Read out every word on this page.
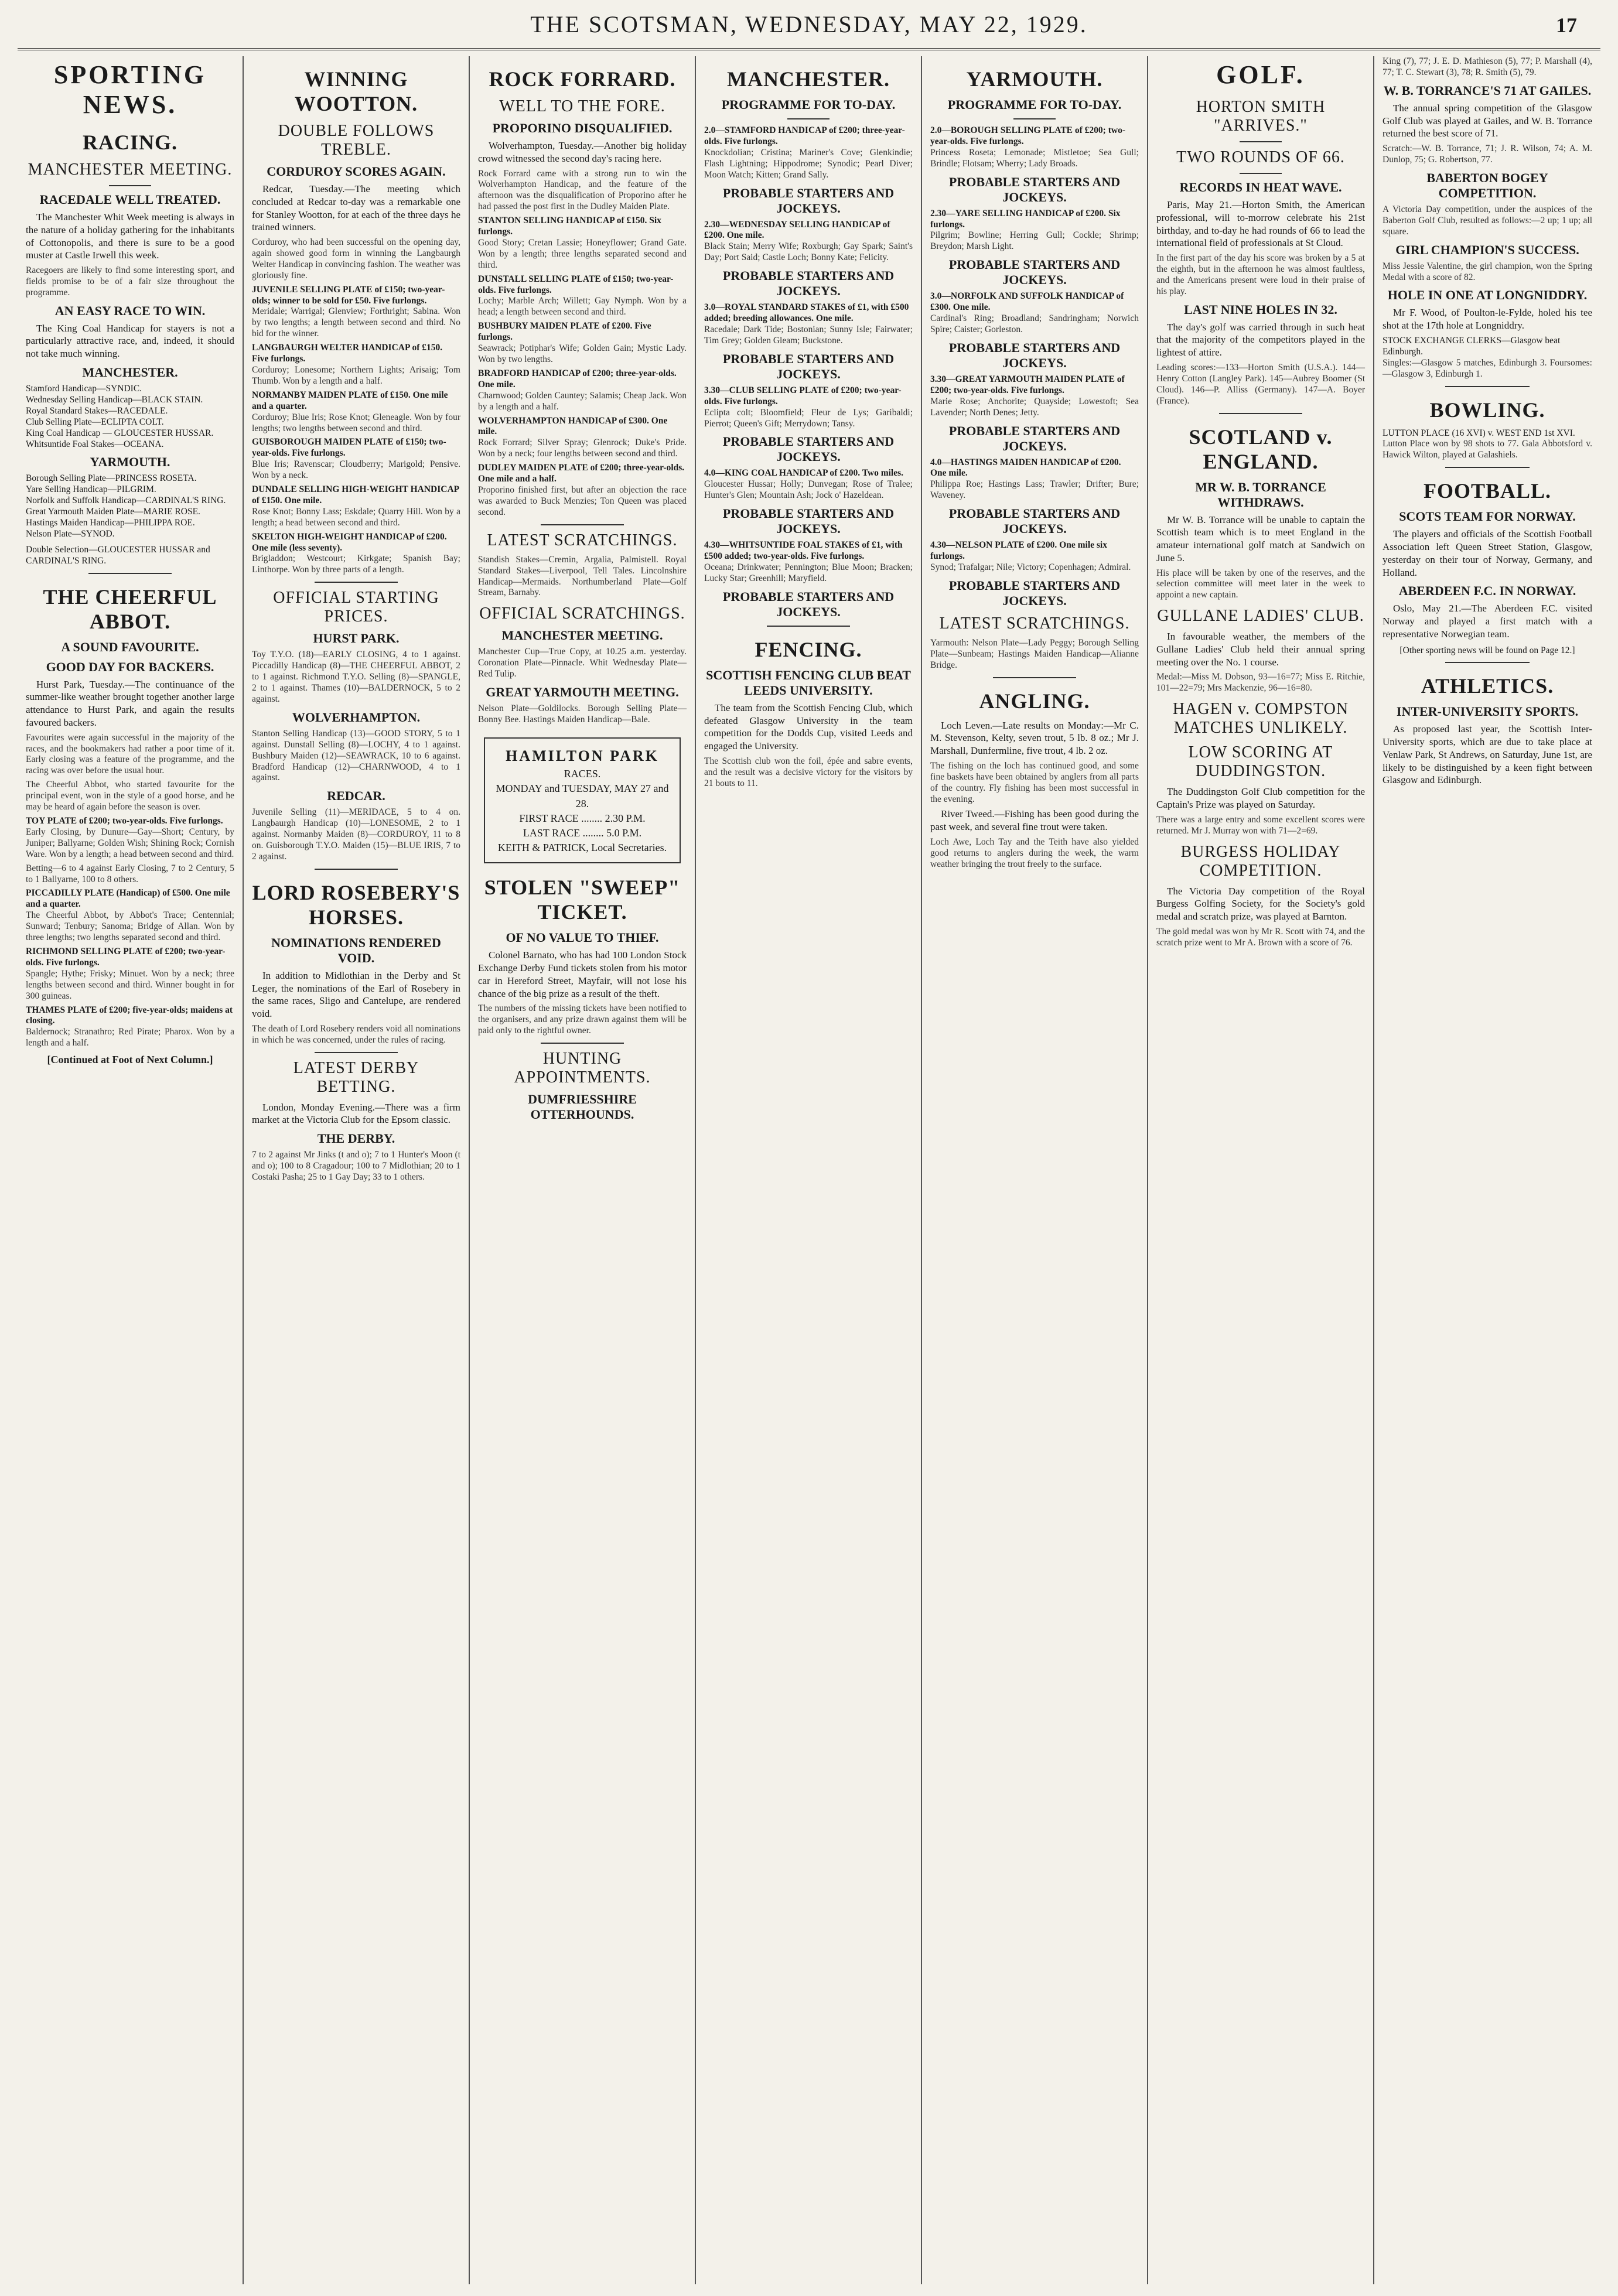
THE SCOTSMAN, WEDNESDAY, MAY 22, 1929.	17
SPORTING NEWS.
RACING.
MANCHESTER MEETING.
RACEDALE WELL TREATED.

The Manchester Whit Week meeting is always in the nature of a holiday gathering for the inhabitants of Cottonopolis, and there is sure to be a good muster at Castle Irwell this week.

Racegoers are likely to find some interesting sport, and fields promise to be of a fair size throughout the programme.

AN EASY RACE TO WIN.

The King Coal Handicap for stayers is not a particularly attractive race, and, indeed, it should not take much winning.

MANCHESTER.

Stamford Handicap—SYNDIC.

Wednesday Selling Handicap—BLACK STAIN.

Royal Standard Stakes—RACEDALE.

Club Selling Plate—ECLIPTA COLT.

King Coal Handicap — GLOUCESTER HUSSAR.

Whitsuntide Foal Stakes—OCEANA.

YARMOUTH.

Borough Selling Plate—PRINCESS ROSETA.

Yare Selling Handicap—PILGRIM.

Norfolk and Suffolk Handicap—CARDINAL'S RING.

Great Yarmouth Maiden Plate—MARIE ROSE.

Hastings Maiden Handicap—PHILIPPA ROE.

Nelson Plate—SYNOD.

Double Selection—GLOUCESTER HUSSAR and CARDINAL'S RING.

THE CHEERFUL ABBOT.
A SOUND FAVOURITE.
GOOD DAY FOR BACKERS.

Hurst Park, Tuesday.—The continuance of the summer-like weather brought together another large attendance to Hurst Park, and again the results favoured backers.

Favourites were again successful in the majority of the races, and the bookmakers had rather a poor time of it. Early closing was a feature of the programme, and the racing was over before the usual hour.

The Cheerful Abbot, who started favourite for the principal event, won in the style of a good horse, and he may be heard of again before the season is over.

TOY PLATE of £200; two-year-olds. Five furlongs.

Early Closing, by Dunure—Gay—Short; Century, by Juniper; Ballyarne; Golden Wish; Shining Rock; Cornish Ware. Won by a length; a head between second and third.

Betting—6 to 4 against Early Closing, 7 to 2 Century, 5 to 1 Ballyarne, 100 to 8 others.

PICCADILLY PLATE (Handicap) of £500. One mile and a quarter.

The Cheerful Abbot, by Abbot's Trace; Centennial; Sunward; Tenbury; Sanoma; Bridge of Allan. Won by three lengths; two lengths separated second and third.

RICHMOND SELLING PLATE of £200; two-year-olds. Five furlongs.

Spangle; Hythe; Frisky; Minuet. Won by a neck; three lengths between second and third. Winner bought in for 300 guineas.

THAMES PLATE of £200; five-year-olds; maidens at closing.

Baldernock; Stranathro; Red Pirate; Pharox. Won by a length and a half.

[Continued at Foot of Next Column.]
WINNING WOOTTON.
DOUBLE FOLLOWS TREBLE.
CORDUROY SCORES AGAIN.

Redcar, Tuesday.—The meeting which concluded at Redcar to-day was a remarkable one for Stanley Wootton, for at each of the three days he trained winners.

Corduroy, who had been successful on the opening day, again showed good form in winning the Langbaurgh Welter Handicap in convincing fashion. The weather was gloriously fine.

JUVENILE SELLING PLATE of £150; two-year-olds; winner to be sold for £50. Five furlongs.

Meridale; Warrigal; Glenview; Forthright; Sabina. Won by two lengths; a length between second and third. No bid for the winner.

LANGBAURGH WELTER HANDICAP of £150. Five furlongs.

Corduroy; Lonesome; Northern Lights; Arisaig; Tom Thumb. Won by a length and a half.

NORMANBY MAIDEN PLATE of £150. One mile and a quarter.

Corduroy; Blue Iris; Rose Knot; Gleneagle. Won by four lengths; two lengths between second and third.

GUISBOROUGH MAIDEN PLATE of £150; two-year-olds. Five furlongs.

Blue Iris; Ravenscar; Cloudberry; Marigold; Pensive. Won by a neck.

DUNDALE SELLING HIGH-WEIGHT HANDICAP of £150. One mile.

Rose Knot; Bonny Lass; Eskdale; Quarry Hill. Won by a length; a head between second and third.

SKELTON HIGH-WEIGHT HANDICAP of £200. One mile (less seventy).

Brigladdon; Westcourt; Kirkgate; Spanish Bay; Linthorpe. Won by three parts of a length.

OFFICIAL STARTING PRICES.
HURST PARK.

Toy T.Y.O. (18)—EARLY CLOSING, 4 to 1 against. Piccadilly Handicap (8)—THE CHEERFUL ABBOT, 2 to 1 against. Richmond T.Y.O. Selling (8)—SPANGLE, 2 to 1 against. Thames (10)—BALDERNOCK, 5 to 2 against.

WOLVERHAMPTON.

Stanton Selling Handicap (13)—GOOD STORY, 5 to 1 against. Dunstall Selling (8)—LOCHY, 4 to 1 against. Bushbury Maiden (12)—SEAWRACK, 10 to 6 against. Bradford Handicap (12)—CHARNWOOD, 4 to 1 against.

REDCAR.

Juvenile Selling (11)—MERIDACE, 5 to 4 on. Langbaurgh Handicap (10)—LONESOME, 2 to 1 against. Normanby Maiden (8)—CORDUROY, 11 to 8 on. Guisborough T.Y.O. Maiden (15)—BLUE IRIS, 7 to 2 against.

LORD ROSEBERY'S HORSES.
NOMINATIONS RENDERED VOID.

In addition to Midlothian in the Derby and St Leger, the nominations of the Earl of Rosebery in the same races, Sligo and Cantelupe, are rendered void.

The death of Lord Rosebery renders void all nominations in which he was concerned, under the rules of racing.

LATEST DERBY BETTING.

London, Monday Evening.—There was a firm market at the Victoria Club for the Epsom classic.

THE DERBY.

7 to 2 against Mr Jinks (t and o); 7 to 1 Hunter's Moon (t and o); 100 to 8 Cragadour; 100 to 7 Midlothian; 20 to 1 Costaki Pasha; 25 to 1 Gay Day; 33 to 1 others.

ROCK FORRARD.
WELL TO THE FORE.
PROPORINO DISQUALIFIED.

Wolverhampton, Tuesday.—Another big holiday crowd witnessed the second day's racing here.

Rock Forrard came with a strong run to win the Wolverhampton Handicap, and the feature of the afternoon was the disqualification of Proporino after he had passed the post first in the Dudley Maiden Plate.

STANTON SELLING HANDICAP of £150. Six furlongs.

Good Story; Cretan Lassie; Honeyflower; Grand Gate. Won by a length; three lengths separated second and third.

DUNSTALL SELLING PLATE of £150; two-year-olds. Five furlongs.

Lochy; Marble Arch; Willett; Gay Nymph. Won by a head; a length between second and third.

BUSHBURY MAIDEN PLATE of £200. Five furlongs.

Seawrack; Potiphar's Wife; Golden Gain; Mystic Lady. Won by two lengths.

BRADFORD HANDICAP of £200; three-year-olds. One mile.

Charnwood; Golden Cauntey; Salamis; Cheap Jack. Won by a length and a half.

WOLVERHAMPTON HANDICAP of £300. One mile.

Rock Forrard; Silver Spray; Glenrock; Duke's Pride. Won by a neck; four lengths between second and third.

DUDLEY MAIDEN PLATE of £200; three-year-olds. One mile and a half.

Proporino finished first, but after an objection the race was awarded to Buck Menzies; Ton Queen was placed second.

LATEST SCRATCHINGS.

Standish Stakes—Cremin, Argalia, Palmistell. Royal Standard Stakes—Liverpool, Tell Tales. Lincolnshire Handicap—Mermaids. Northumberland Plate—Golf Stream, Barnaby.

OFFICIAL SCRATCHINGS.
MANCHESTER MEETING.

Manchester Cup—True Copy, at 10.25 a.m. yesterday. Coronation Plate—Pinnacle. Whit Wednesday Plate—Red Tulip.

GREAT YARMOUTH MEETING.

Nelson Plate—Goldilocks. Borough Selling Plate—Bonny Bee. Hastings Maiden Handicap—Bale.

HAMILTON PARK
RACES.
MONDAY and TUESDAY, MAY 27 and 28.
FIRST RACE ........ 2.30 P.M.
LAST RACE ........ 5.0 P.M.
KEITH & PATRICK, Local Secretaries.
STOLEN "SWEEP" TICKET.
OF NO VALUE TO THIEF.

Colonel Barnato, who has had 100 London Stock Exchange Derby Fund tickets stolen from his motor car in Hereford Street, Mayfair, will not lose his chance of the big prize as a result of the theft.

The numbers of the missing tickets have been notified to the organisers, and any prize drawn against them will be paid only to the rightful owner.

HUNTING APPOINTMENTS.
DUMFRIESSHIRE OTTERHOUNDS.
MANCHESTER.
PROGRAMME FOR TO-DAY.

2.0—STAMFORD HANDICAP of £200; three-year-olds. Five furlongs.

Knockdolian; Cristina; Mariner's Cove; Glenkindie; Flash Lightning; Hippodrome; Synodic; Pearl Diver; Moon Watch; Kitten; Grand Sally.

PROBABLE STARTERS AND JOCKEYS.

2.30—WEDNESDAY SELLING HANDICAP of £200. One mile.

Black Stain; Merry Wife; Roxburgh; Gay Spark; Saint's Day; Port Said; Castle Loch; Bonny Kate; Felicity.

PROBABLE STARTERS AND JOCKEYS.

3.0—ROYAL STANDARD STAKES of £1, with £500 added; breeding allowances. One mile.

Racedale; Dark Tide; Bostonian; Sunny Isle; Fairwater; Tim Grey; Golden Gleam; Buckstone.

PROBABLE STARTERS AND JOCKEYS.

3.30—CLUB SELLING PLATE of £200; two-year-olds. Five furlongs.

Eclipta colt; Bloomfield; Fleur de Lys; Garibaldi; Pierrot; Queen's Gift; Merrydown; Tansy.

PROBABLE STARTERS AND JOCKEYS.

4.0—KING COAL HANDICAP of £200. Two miles.

Gloucester Hussar; Holly; Dunvegan; Rose of Tralee; Hunter's Glen; Mountain Ash; Jock o' Hazeldean.

PROBABLE STARTERS AND JOCKEYS.

4.30—WHITSUNTIDE FOAL STAKES of £1, with £500 added; two-year-olds. Five furlongs.

Oceana; Drinkwater; Pennington; Blue Moon; Bracken; Lucky Star; Greenhill; Maryfield.

PROBABLE STARTERS AND JOCKEYS.
FENCING.
SCOTTISH FENCING CLUB BEAT LEEDS UNIVERSITY.

The team from the Scottish Fencing Club, which defeated Glasgow University in the team competition for the Dodds Cup, visited Leeds and engaged the University.

The Scottish club won the foil, épée and sabre events, and the result was a decisive victory for the visitors by 21 bouts to 11.

YARMOUTH.
PROGRAMME FOR TO-DAY.

2.0—BOROUGH SELLING PLATE of £200; two-year-olds. Five furlongs.

Princess Roseta; Lemonade; Mistletoe; Sea Gull; Brindle; Flotsam; Wherry; Lady Broads.

PROBABLE STARTERS AND JOCKEYS.

2.30—YARE SELLING HANDICAP of £200. Six furlongs.

Pilgrim; Bowline; Herring Gull; Cockle; Shrimp; Breydon; Marsh Light.

PROBABLE STARTERS AND JOCKEYS.

3.0—NORFOLK AND SUFFOLK HANDICAP of £300. One mile.

Cardinal's Ring; Broadland; Sandringham; Norwich Spire; Caister; Gorleston.

PROBABLE STARTERS AND JOCKEYS.

3.30—GREAT YARMOUTH MAIDEN PLATE of £200; two-year-olds. Five furlongs.

Marie Rose; Anchorite; Quayside; Lowestoft; Sea Lavender; North Denes; Jetty.

PROBABLE STARTERS AND JOCKEYS.

4.0—HASTINGS MAIDEN HANDICAP of £200. One mile.

Philippa Roe; Hastings Lass; Trawler; Drifter; Bure; Waveney.

PROBABLE STARTERS AND JOCKEYS.

4.30—NELSON PLATE of £200. One mile six furlongs.

Synod; Trafalgar; Nile; Victory; Copenhagen; Admiral.

PROBABLE STARTERS AND JOCKEYS.
LATEST SCRATCHINGS.

Yarmouth: Nelson Plate—Lady Peggy; Borough Selling Plate—Sunbeam; Hastings Maiden Handicap—Alianne Bridge.

ANGLING.

Loch Leven.—Late results on Monday:—Mr C. M. Stevenson, Kelty, seven trout, 5 lb. 8 oz.; Mr J. Marshall, Dunfermline, five trout, 4 lb. 2 oz.

The fishing on the loch has continued good, and some fine baskets have been obtained by anglers from all parts of the country. Fly fishing has been most successful in the evening.

River Tweed.—Fishing has been good during the past week, and several fine trout were taken.

Loch Awe, Loch Tay and the Teith have also yielded good returns to anglers during the week, the warm weather bringing the trout freely to the surface.

GOLF.
HORTON SMITH "ARRIVES."
TWO ROUNDS OF 66.
RECORDS IN HEAT WAVE.

Paris, May 21.—Horton Smith, the American professional, will to-morrow celebrate his 21st birthday, and to-day he had rounds of 66 to lead the international field of professionals at St Cloud.

In the first part of the day his score was broken by a 5 at the eighth, but in the afternoon he was almost faultless, and the Americans present were loud in their praise of his play.

LAST NINE HOLES IN 32.

The day's golf was carried through in such heat that the majority of the competitors played in the lightest of attire.

Leading scores:—133—Horton Smith (U.S.A.). 144—Henry Cotton (Langley Park). 145—Aubrey Boomer (St Cloud). 146—P. Alliss (Germany). 147—A. Boyer (France).

SCOTLAND v. ENGLAND.
MR W. B. TORRANCE WITHDRAWS.

Mr W. B. Torrance will be unable to captain the Scottish team which is to meet England in the amateur international golf match at Sandwich on June 5.

His place will be taken by one of the reserves, and the selection committee will meet later in the week to appoint a new captain.

GULLANE LADIES' CLUB.

In favourable weather, the members of the Gullane Ladies' Club held their annual spring meeting over the No. 1 course.

Medal:—Miss M. Dobson, 93—16=77; Miss E. Ritchie, 101—22=79; Mrs Mackenzie, 96—16=80.

HAGEN v. COMPSTON MATCHES UNLIKELY.
LOW SCORING AT DUDDINGSTON.

The Duddingston Golf Club competition for the Captain's Prize was played on Saturday.

There was a large entry and some excellent scores were returned. Mr J. Murray won with 71—2=69.

BURGESS HOLIDAY COMPETITION.

The Victoria Day competition of the Royal Burgess Golfing Society, for the Society's gold medal and scratch prize, was played at Barnton.

The gold medal was won by Mr R. Scott with 74, and the scratch prize went to Mr A. Brown with a score of 76.

King (7), 77; J. E. D. Mathieson (5), 77; P. Marshall (4), 77; T. C. Stewart (3), 78; R. Smith (5), 79.

W. B. TORRANCE'S 71 AT GAILES.

The annual spring competition of the Glasgow Golf Club was played at Gailes, and W. B. Torrance returned the best score of 71.

Scratch:—W. B. Torrance, 71; J. R. Wilson, 74; A. M. Dunlop, 75; G. Robertson, 77.

BABERTON BOGEY COMPETITION.

A Victoria Day competition, under the auspices of the Baberton Golf Club, resulted as follows:—2 up; 1 up; all square.

GIRL CHAMPION'S SUCCESS.

Miss Jessie Valentine, the girl champion, won the Spring Medal with a score of 82.

HOLE IN ONE AT LONGNIDDRY.

Mr F. Wood, of Poulton-le-Fylde, holed his tee shot at the 17th hole at Longniddry.

STOCK EXCHANGE CLERKS—Glasgow beat Edinburgh.

Singles:—Glasgow 5 matches, Edinburgh 3. Foursomes:—Glasgow 3, Edinburgh 1.

BOWLING.

LUTTON PLACE (16 XVI) v. WEST END 1st XVI.

Lutton Place won by 98 shots to 77. Gala Abbotsford v. Hawick Wilton, played at Galashiels.

FOOTBALL.
SCOTS TEAM FOR NORWAY.

The players and officials of the Scottish Football Association left Queen Street Station, Glasgow, yesterday on their tour of Norway, Germany, and Holland.

ABERDEEN F.C. IN NORWAY.

Oslo, May 21.—The Aberdeen F.C. visited Norway and played a first match with a representative Norwegian team.

[Other sporting news will be found on Page 12.]

ATHLETICS.
INTER-UNIVERSITY SPORTS.

As proposed last year, the Scottish Inter-University sports, which are due to take place at Venlaw Park, St Andrews, on Saturday, June 1st, are likely to be distinguished by a keen fight between Glasgow and Edinburgh.
